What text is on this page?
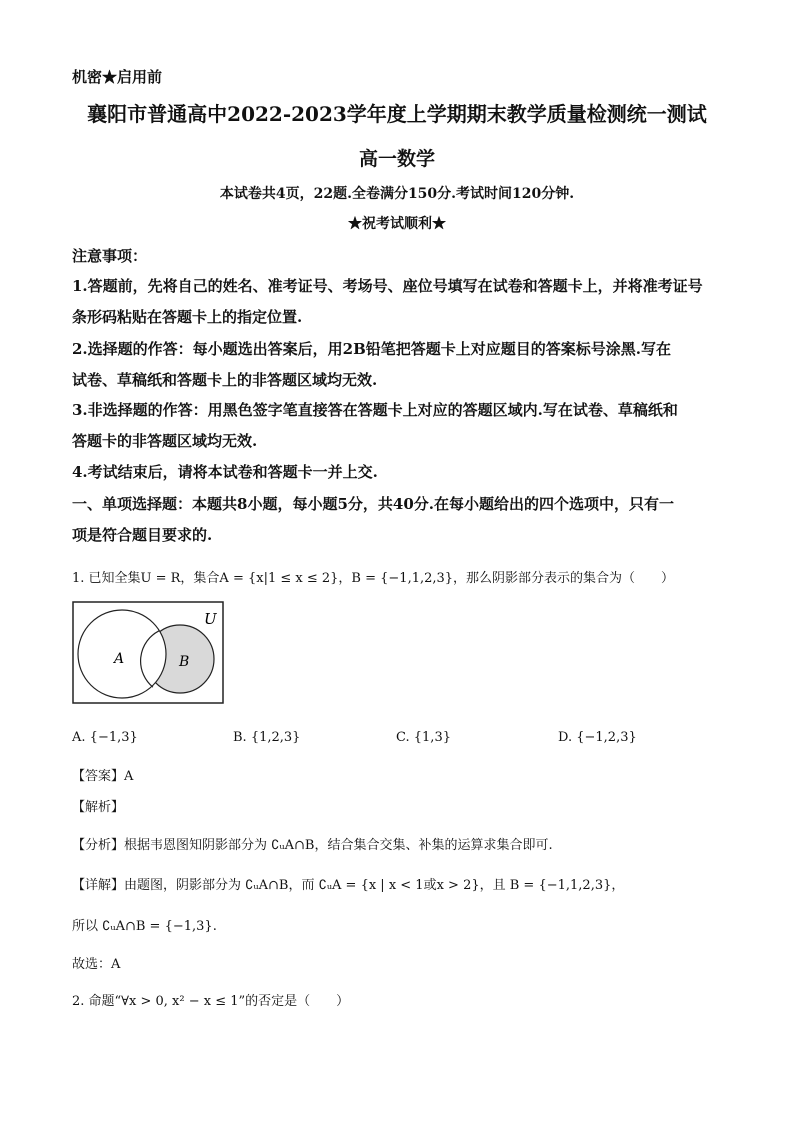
机密★启用前
襄阳市普通高中2022-2023学年度上学期期末教学质量检测统一测试
高一数学
本试卷共4页，22题.全卷满分150分.考试时间120分钟.
★祝考试顺利★
注意事项：
1.答题前，先将自己的姓名、准考证号、考场号、座位号填写在试卷和答题卡上，并将准考证号
条形码粘贴在答题卡上的指定位置.
2.选择题的作答：每小题选出答案后，用2B铅笔把答题卡上对应题目的答案标号涂黑.写在
试卷、草稿纸和答题卡上的非答题区域均无效.
3.非选择题的作答：用黑色签字笔直接答在答题卡上对应的答题区域内.写在试卷、草稿纸和
答题卡的非答题区域均无效.
4.考试结束后，请将本试卷和答题卡一并上交.
一、单项选择题：本题共8小题，每小题5分，共40分.在每小题给出的四个选项中，只有一
项是符合题目要求的.
1. 已知全集U = R，集合A = {x|1 ≤ x ≤ 2}，B = {−1,1,2,3}，那么阴影部分表示的集合为（　　）
U
A	B
A. {−1,3}	B. {1,2,3}	C. {1,3}	D. {−1,2,3}
【答案】A
【解析】
【分析】根据韦恩图知阴影部分为 ∁ᵤA∩B，结合集合交集、补集的运算求集合即可.
【详解】由题图，阴影部分为 ∁ᵤA∩B，而 ∁ᵤA = {x | x < 1或x > 2}，且 B = {−1,1,2,3}，
所以 ∁ᵤA∩B = {−1,3}.
故选：A
2. 命题“∀x > 0, x² − x ≤ 1”的否定是（　　）
